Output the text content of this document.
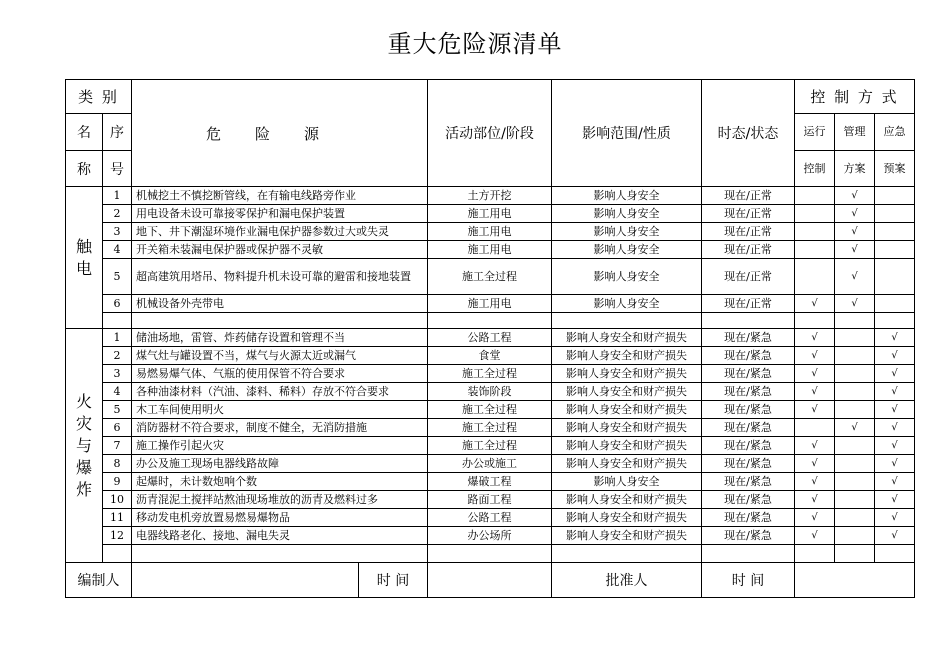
重大危险源清单
类 别		危险源		活动部位/阶段	影响范围/性质	时态/状态	控 制 方 式		
名	序						运行	管理	应急
称	号						控制	方案	预案
触
电	1	机械挖土不慎挖断管线，在有输电线路旁作业		土方开挖	影响人身安全	现在/正常		√	
	2	用电设备未设可靠接零保护和漏电保护装置		施工用电	影响人身安全	现在/正常		√	
	3	地下、井下潮湿环境作业漏电保护器参数过大或失灵		施工用电	影响人身安全	现在/正常		√	
	4	开关箱未装漏电保护器或保护器不灵敏		施工用电	影响人身安全	现在/正常		√	
	5	超高建筑用塔吊、物料提升机未设可靠的避雷和接地装置		施工全过程	影响人身安全	现在/正常		√	
	6	机械设备外壳带电		施工用电	影响人身安全	现在/正常	√	√	

火
灾
与
爆
炸	1	储油场地，雷管、炸药储存设置和管理不当		公路工程	影响人身安全和财产损失	现在/紧急	√		√
	2	煤气灶与罐设置不当，煤气与火源太近或漏气		食堂	影响人身安全和财产损失	现在/紧急	√		√
	3	易燃易爆气体、气瓶的使用保管不符合要求		施工全过程	影响人身安全和财产损失	现在/紧急	√		√
	4	各种油漆材料（汽油、漆料、稀料）存放不符合要求		装饰阶段	影响人身安全和财产损失	现在/紧急	√		√
	5	木工车间使用明火		施工全过程	影响人身安全和财产损失	现在/紧急	√		√
	6	消防器材不符合要求，制度不健全，无消防措施		施工全过程	影响人身安全和财产损失	现在/紧急		√	√
	7	施工操作引起火灾		施工全过程	影响人身安全和财产损失	现在/紧急	√		√
	8	办公及施工现场电器线路故障		办公或施工	影响人身安全和财产损失	现在/紧急	√		√
	9	起爆时，未计数炮响个数		爆破工程	影响人身安全	现在/紧急	√		√
	10	沥青混泥土搅拌站熬油现场堆放的沥青及燃料过多		路面工程	影响人身安全和财产损失	现在/紧急	√		√
	11	移动发电机旁放置易燃易爆物品		公路工程	影响人身安全和财产损失	现在/紧急	√		√
	12	电器线路老化、接地、漏电失灵		办公场所	影响人身安全和财产损失	现在/紧急	√		√

编制人			时 间		批准人	时 间			
